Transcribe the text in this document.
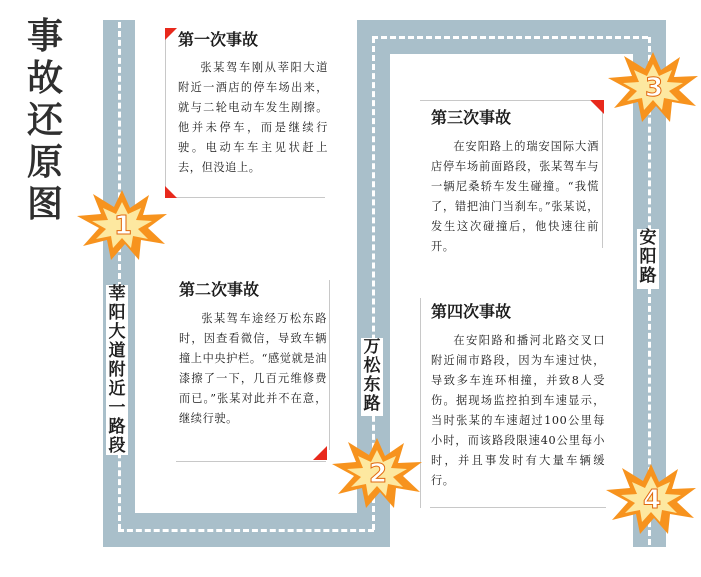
事故还原图
莘阳大道附近一路段
万松东路
安阳路
第一次事故

张某驾车刚从莘阳大道附近一酒店的停车场出来，就与二轮电动车发生剐擦。他并未停车，而是继续行驶。电动车车主见状赶上去，但没追上。

第二次事故

张某驾车途经万松东路时，因查看微信，导致车辆撞上中央护栏。“感觉就是油漆擦了一下，几百元维修费而已。”张某对此并不在意，继续行驶。

第三次事故

在安阳路上的瑞安国际大酒店停车场前面路段，张某驾车与一辆尼桑轿车发生碰撞。“我慌了，错把油门当刹车。”张某说，发生这次碰撞后，他快速往前开。

第四次事故

在安阳路和播河北路交叉口附近闹市路段，因为车速过快，导致多车连环相撞，并致8人受伤。据现场监控拍到车速显示，当时张某的车速超过100公里每小时，而该路段限速40公里每小时，并且事发时有大量车辆缓行。

1
2
3
4
